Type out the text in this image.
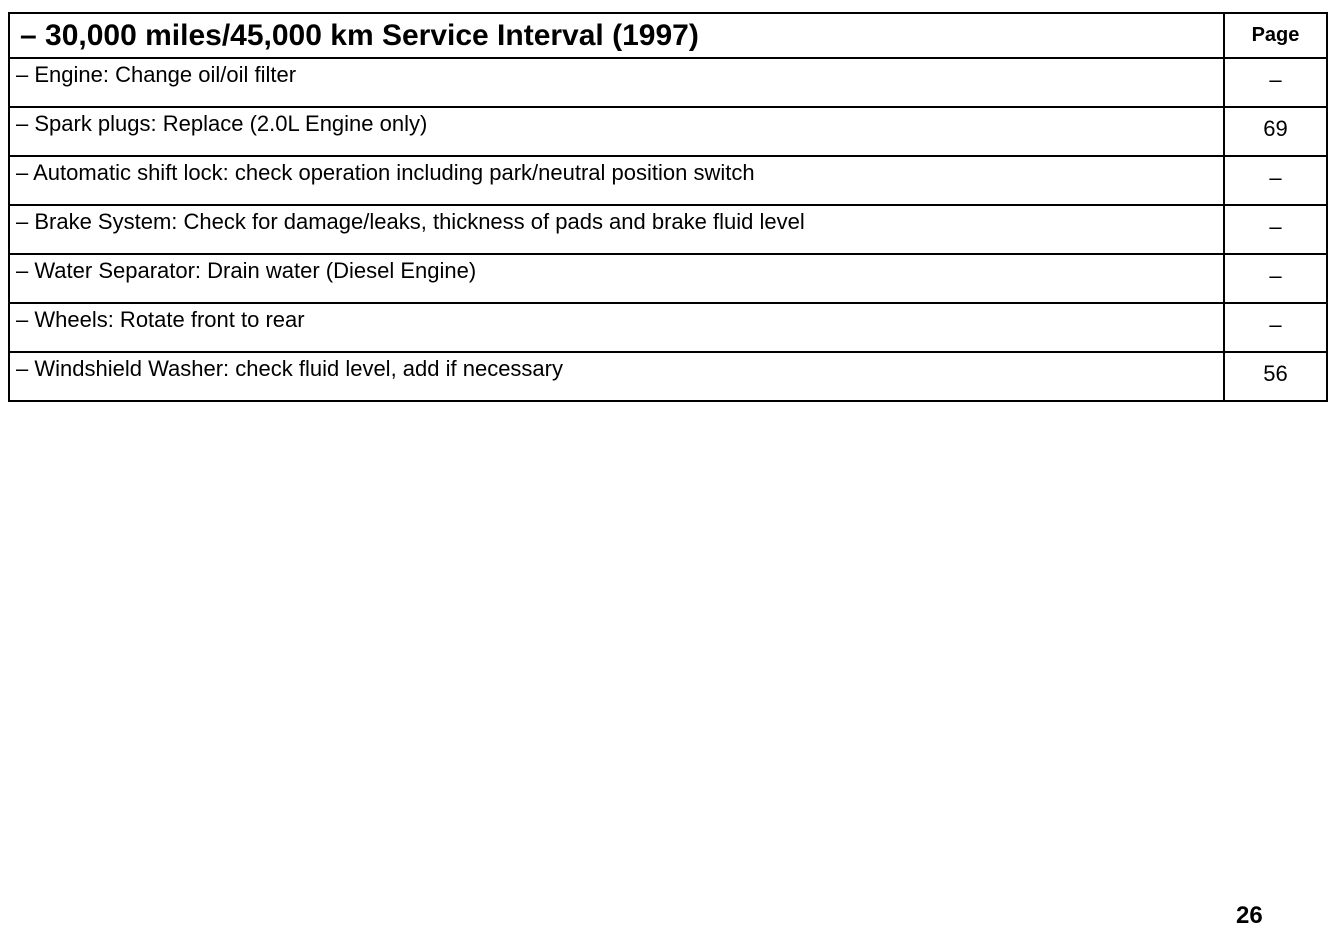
– 30,000 miles/45,000 km Service Interval (1997)	Page
– Engine: Change oil/oil filter	–
– Spark plugs: Replace (2.0L Engine only)	69
– Automatic shift lock: check operation including park/neutral position switch	–
– Brake System: Check for damage/leaks, thickness of pads and brake fluid level	–
– Water Separator: Drain water (Diesel Engine)	–
– Wheels: Rotate front to rear	–
– Windshield Washer: check fluid level, add if necessary	56
26
